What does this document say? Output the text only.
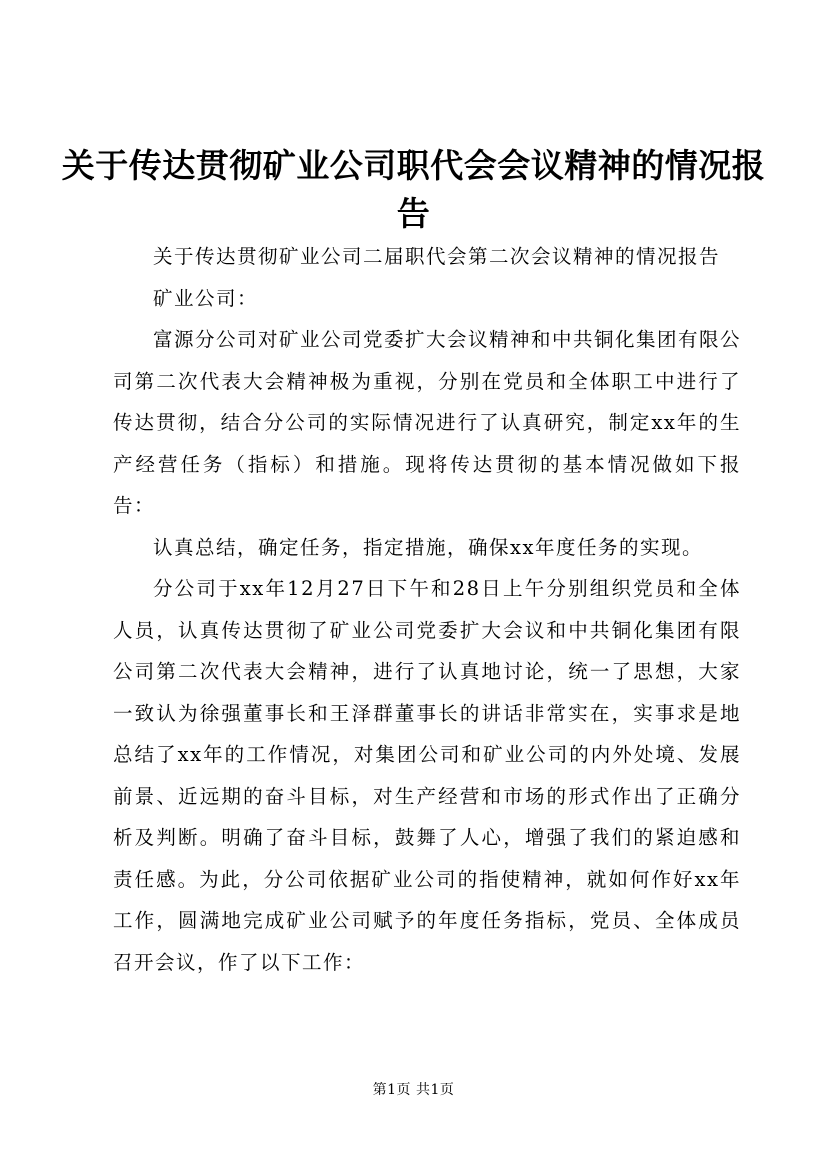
关于传达贯彻矿业公司职代会会议精神的情况报告

关于传达贯彻矿业公司二届职代会第二次会议精神的情况报告

矿业公司：

富源分公司对矿业公司党委扩大会议精神和中共铜化集团有限公司第二次代表大会精神极为重视，分别在党员和全体职工中进行了传达贯彻，结合分公司的实际情况进行了认真研究，制定xx年的生产经营任务（指标）和措施。现将传达贯彻的基本情况做如下报告：

认真总结，确定任务，指定措施，确保xx年度任务的实现。

分公司于xx年12月27日下午和28日上午分别组织党员和全体人员，认真传达贯彻了矿业公司党委扩大会议和中共铜化集团有限公司第二次代表大会精神，进行了认真地讨论，统一了思想，大家一致认为徐强董事长和王泽群董事长的讲话非常实在，实事求是地总结了xx年的工作情况，对集团公司和矿业公司的内外处境、发展前景、近远期的奋斗目标，对生产经营和市场的形式作出了正确分析及判断。明确了奋斗目标，鼓舞了人心，增强了我们的紧迫感和责任感。为此，分公司依据矿业公司的指使精神，就如何作好xx年工作，圆满地完成矿业公司赋予的年度任务指标，党员、全体成员召开会议，作了以下工作：

第1页 共1页
